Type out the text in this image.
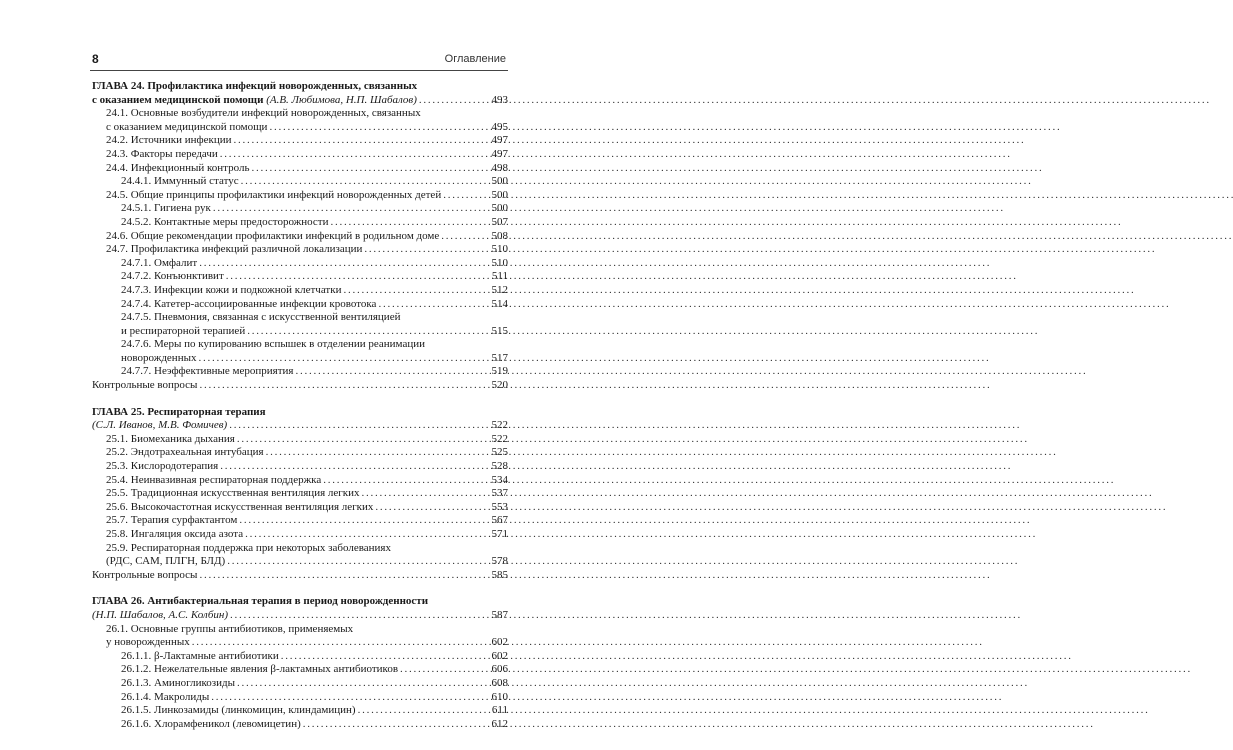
8	Оглавление
ГЛАВА 24. Профилактика инфекций новорожденных, связанных
с оказанием медицинской помощи (А.В. Любимова, Н.П. Шабалов) . . .	493
24.1. Основные возбудители инфекций новорожденных, связанных
с оказанием медицинской помощи . . .	495
24.2. Источники инфекции . . .	497
24.3. Факторы передачи . . .	497
24.4. Инфекционный контроль . . .	498
24.4.1. Иммунный статус . . .	500
24.5. Общие принципы профилактики инфекций новорожденных детей . . .	500
24.5.1. Гигиена рук . . .	500
24.5.2. Контактные меры предосторожности . . .	507
24.6. Общие рекомендации профилактики инфекций в родильном доме . . .	508
24.7. Профилактика инфекций различной локализации . . .	510
24.7.1. Омфалит . . .	510
24.7.2. Конъюнктивит . . .	511
24.7.3. Инфекции кожи и подкожной клетчатки . . .	512
24.7.4. Катетер-ассоциированные инфекции кровотока . . .	514
24.7.5. Пневмония, связанная с искусственной вентиляцией
и респираторной терапией . . .	515
24.7.6. Меры по купированию вспышек в отделении реанимации
новорожденных . . .	517
24.7.7. Неэффективные мероприятия . . .	519
Контрольные вопросы . . .	520
ГЛАВА 25. Респираторная терапия
(С.Л. Иванов, М.В. Фомичев) . . .	522
25.1. Биомеханика дыхания . . .	522
25.2. Эндотрахеальная интубация . . .	525
25.3. Кислородотерапия . . .	528
25.4. Неинвазивная респираторная поддержка . . .	534
25.5. Традиционная искусственная вентиляция легких . . .	537
25.6. Высокочастотная искусственная вентиляция легких . . .	553
25.7. Терапия сурфактантом . . .	567
25.8. Ингаляция оксида азота . . .	571
25.9. Респираторная поддержка при некоторых заболеваниях
(РДС, САМ, ПЛГН, БЛД) . . .	578
Контрольные вопросы . . .	585
ГЛАВА 26. Антибактериальная терапия в период новорожденности
(Н.П. Шабалов, А.С. Колбин) . . .	587
26.1. Основные группы антибиотиков, применяемых
у новорожденных . . .	602
26.1.1. β-Лактамные антибиотики . . .	602
26.1.2. Нежелательные явления β-лактамных антибиотиков . . .	606
26.1.3. Аминогликозиды . . .	608
26.1.4. Макролиды . . .	610
26.1.5. Линкозамиды (линкомицин, клиндамицин) . . .	611
26.1.6. Хлорамфеникол (левомицетин) . . .	612
